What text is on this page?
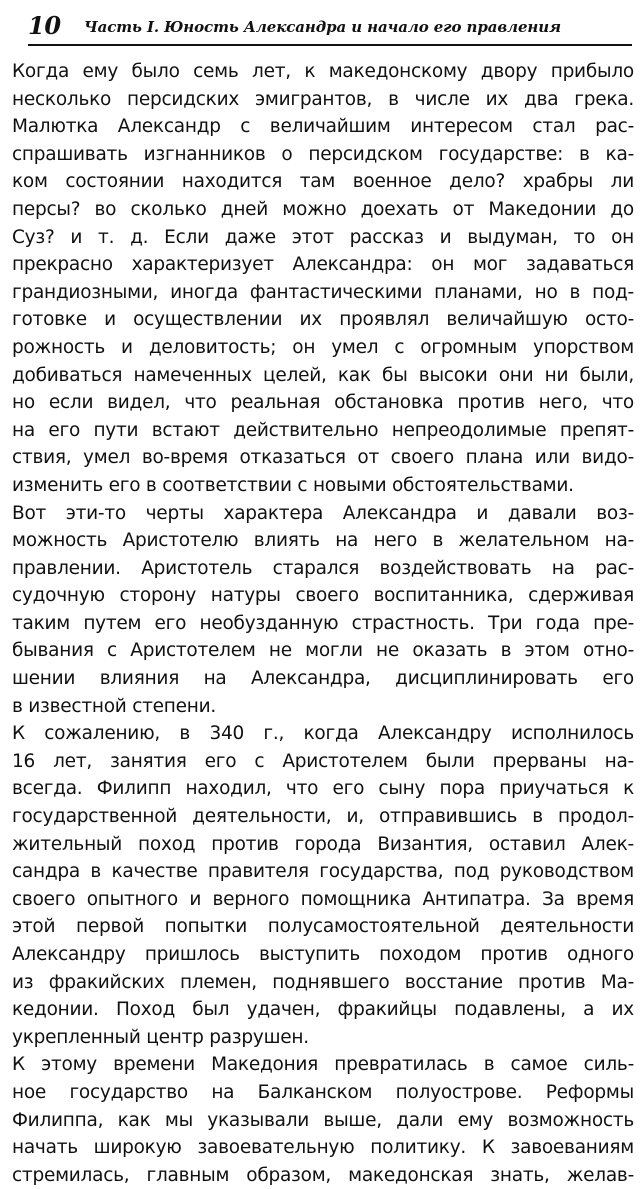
10 Часть I. Юность Александра и начало его правления
Когда ему было семь лет, к македонскому двору прибыло
несколько персидских эмигрантов, в числе их два грека.
Малютка Александр с величайшим интересом стал рас-
спрашивать изгнанников о персидском государстве: в ка-
ком состоянии находится там военное дело? храбры ли
персы? во сколько дней можно доехать от Македонии до
Суз? и т. д. Если даже этот рассказ и выдуман, то он
прекрасно характеризует Александра: он мог задаваться
грандиозными, иногда фантастическими планами, но в под-
готовке и осуществлении их проявлял величайшую осто-
рожность и деловитость; он умел с огромным упорством
добиваться намеченных целей, как бы высоки они ни были,
но если видел, что реальная обстановка против него, что
на его пути встают действительно непреодолимые препят-
ствия, умел во-время отказаться от своего плана или видо-
изменить его в соответствии с новыми обстоятельствами.
Вот эти-то черты характера Александра и давали воз-
можность Аристотелю влиять на него в желательном на-
правлении. Аристотель старался воздействовать на рас-
судочную сторону натуры своего воспитанника, сдерживая
таким путем его необузданную страстность. Три года пре-
бывания с Аристотелем не могли не оказать в этом отно-
шении влияния на Александра, дисциплинировать его
в известной степени.
К сожалению, в 340 г., когда Александру исполнилось
16 лет, занятия его с Аристотелем были прерваны на-
всегда. Филипп находил, что его сыну пора приучаться к
государственной деятельности, и, отправившись в продол-
жительный поход против города Византия, оставил Алек-
сандра в качестве правителя государства, под руководством
своего опытного и верного помощника Антипатра. За время
этой первой попытки полусамостоятельной деятельности
Александру пришлось выступить походом против одного
из фракийских племен, поднявшего восстание против Ма-
кедонии. Поход был удачен, фракийцы подавлены, а их
укрепленный центр разрушен.
К этому времени Македония превратилась в самое силь-
ное государство на Балканском полуострове. Реформы
Филиппа, как мы указывали выше, дали ему возможность
начать широкую завоевательную политику. К завоеваниям
стремилась, главным образом, македонская знать, желав-
